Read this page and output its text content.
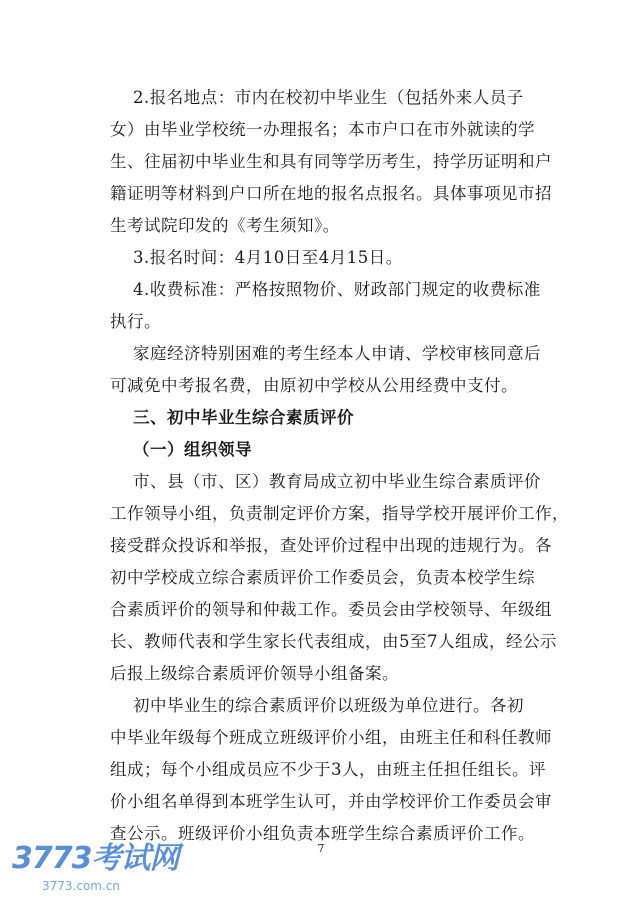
2.报名地点：市内在校初中毕业生（包括外来人员子
女）由毕业学校统一办理报名；本市户口在市外就读的学
生、往届初中毕业生和具有同等学历考生，持学历证明和户
籍证明等材料到户口所在地的报名点报名。具体事项见市招
生考试院印发的《考生须知》。
3.报名时间：4月10日至4月15日。
4.收费标准：严格按照物价、财政部门规定的收费标准
执行。
家庭经济特别困难的考生经本人申请、学校审核同意后
可减免中考报名费，由原初中学校从公用经费中支付。
三、初中毕业生综合素质评价
（一）组织领导
市、县（市、区）教育局成立初中毕业生综合素质评价
工作领导小组，负责制定评价方案，指导学校开展评价工作，
接受群众投诉和举报，查处评价过程中出现的违规行为。各
初中学校成立综合素质评价工作委员会，负责本校学生综
合素质评价的领导和仲裁工作。委员会由学校领导、年级组
长、教师代表和学生家长代表组成，由5至7人组成，经公示
后报上级综合素质评价领导小组备案。
初中毕业生的综合素质评价以班级为单位进行。各初
中毕业年级每个班成立班级评价小组，由班主任和科任教师
组成；每个小组成员应不少于3人，由班主任担任组长。评
价小组名单得到本班学生认可，并由学校评价工作委员会审
查公示。班级评价小组负责本班学生综合素质评价工作。
7
3773考试网
3773.com.cn
